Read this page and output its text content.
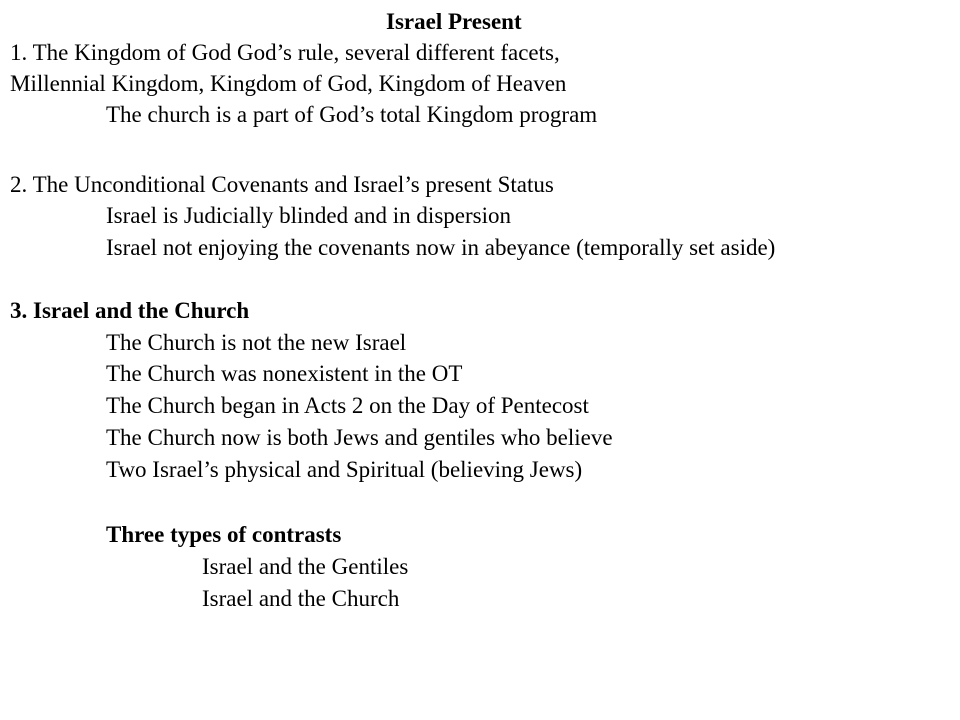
Israel Present
1. The Kingdom of God God’s rule, several different facets,
Millennial Kingdom, Kingdom of God, Kingdom of Heaven
The church is a part of God’s total Kingdom program
2. The Unconditional Covenants and Israel’s present Status
Israel is Judicially blinded and in dispersion
Israel not enjoying the covenants now in abeyance (temporally set aside)
3. Israel and the Church
The Church is not the new Israel
The Church was nonexistent in the OT
The Church began in Acts 2 on the Day of Pentecost
The Church now is both Jews and gentiles who believe
Two Israel’s physical and Spiritual (believing Jews)
Three types of contrasts
Israel and the Gentiles
Israel and the Church
